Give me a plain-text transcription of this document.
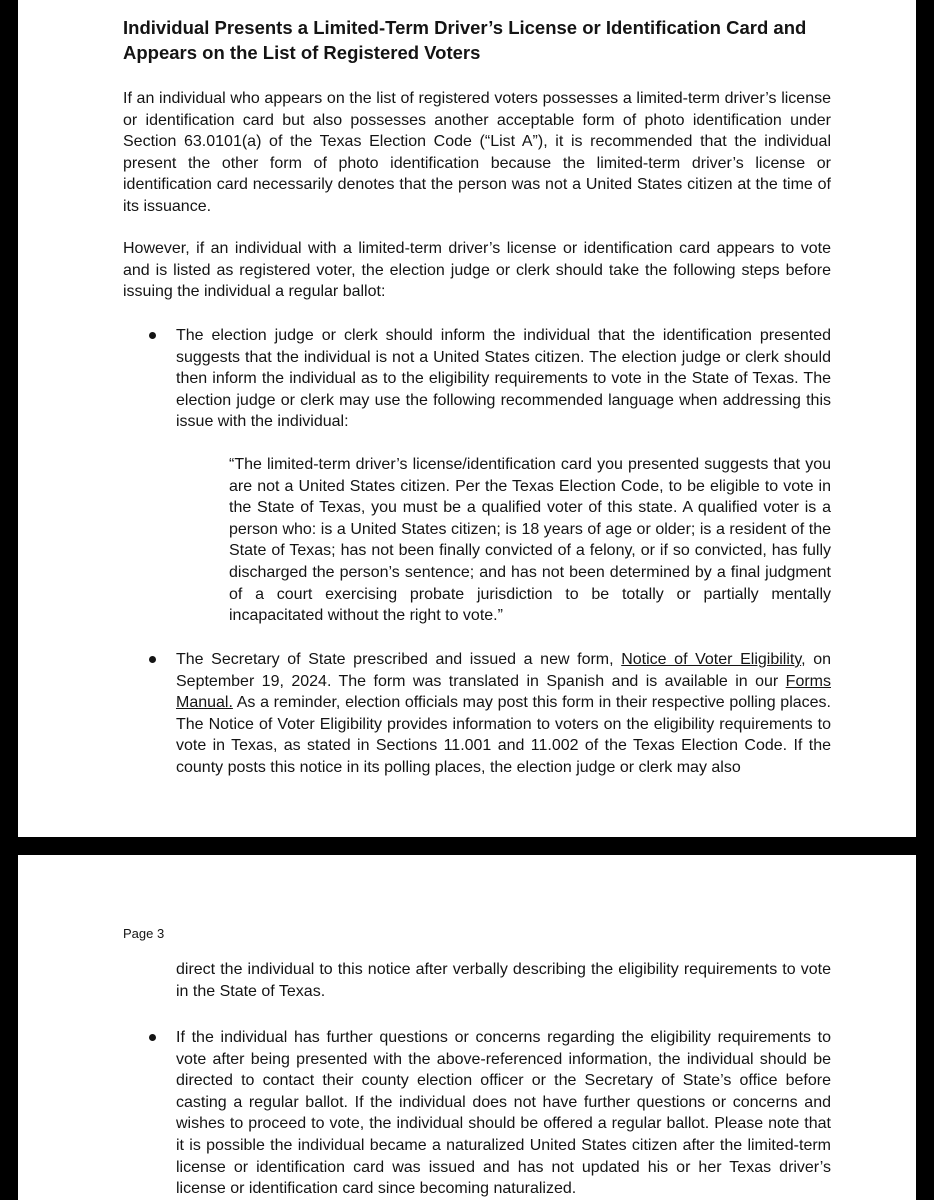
Individual Presents a Limited-Term Driver’s License or Identification Card and Appears on the List of Registered Voters

If an individual who appears on the list of registered voters possesses a limited-term driver’s license or identification card but also possesses another acceptable form of photo identification under Section 63.0101(a) of the Texas Election Code (“List A”), it is recommended that the individual present the other form of photo identification because the limited-term driver’s license or identification card necessarily denotes that the person was not a United States citizen at the time of its issuance.

However, if an individual with a limited-term driver’s license or identification card appears to vote and is listed as registered voter, the election judge or clerk should take the following steps before issuing the individual a regular ballot:

The election judge or clerk should inform the individual that the identification presented suggests that the individual is not a United States citizen. The election judge or clerk should then inform the individual as to the eligibility requirements to vote in the State of Texas. The election judge or clerk may use the following recommended language when addressing this issue with the individual:

“The limited-term driver’s license/identification card you presented suggests that you are not a United States citizen. Per the Texas Election Code, to be eligible to vote in the State of Texas, you must be a qualified voter of this state. A qualified voter is a person who: is a United States citizen; is 18 years of age or older; is a resident of the State of Texas; has not been finally convicted of a felony, or if so convicted, has fully discharged the person’s sentence; and has not been determined by a final judgment of a court exercising probate jurisdiction to be totally or partially mentally incapacitated without the right to vote.”

The Secretary of State prescribed and issued a new form, Notice of Voter Eligibility, on September 19, 2024. The form was translated in Spanish and is available in our Forms Manual. As a reminder, election officials may post this form in their respective polling places. The Notice of Voter Eligibility provides information to voters on the eligibility requirements to vote in Texas, as stated in Sections 11.001 and 11.002 of the Texas Election Code. If the county posts this notice in its polling places, the election judge or clerk may also

Page 3

direct the individual to this notice after verbally describing the eligibility requirements to vote in the State of Texas.

If the individual has further questions or concerns regarding the eligibility requirements to vote after being presented with the above-referenced information, the individual should be directed to contact their county election officer or the Secretary of State’s office before casting a regular ballot. If the individual does not have further questions or concerns and wishes to proceed to vote, the individual should be offered a regular ballot. Please note that it is possible the individual became a naturalized United States citizen after the limited-term license or identification card was issued and has not updated his or her Texas driver’s license or identification card since becoming naturalized.
